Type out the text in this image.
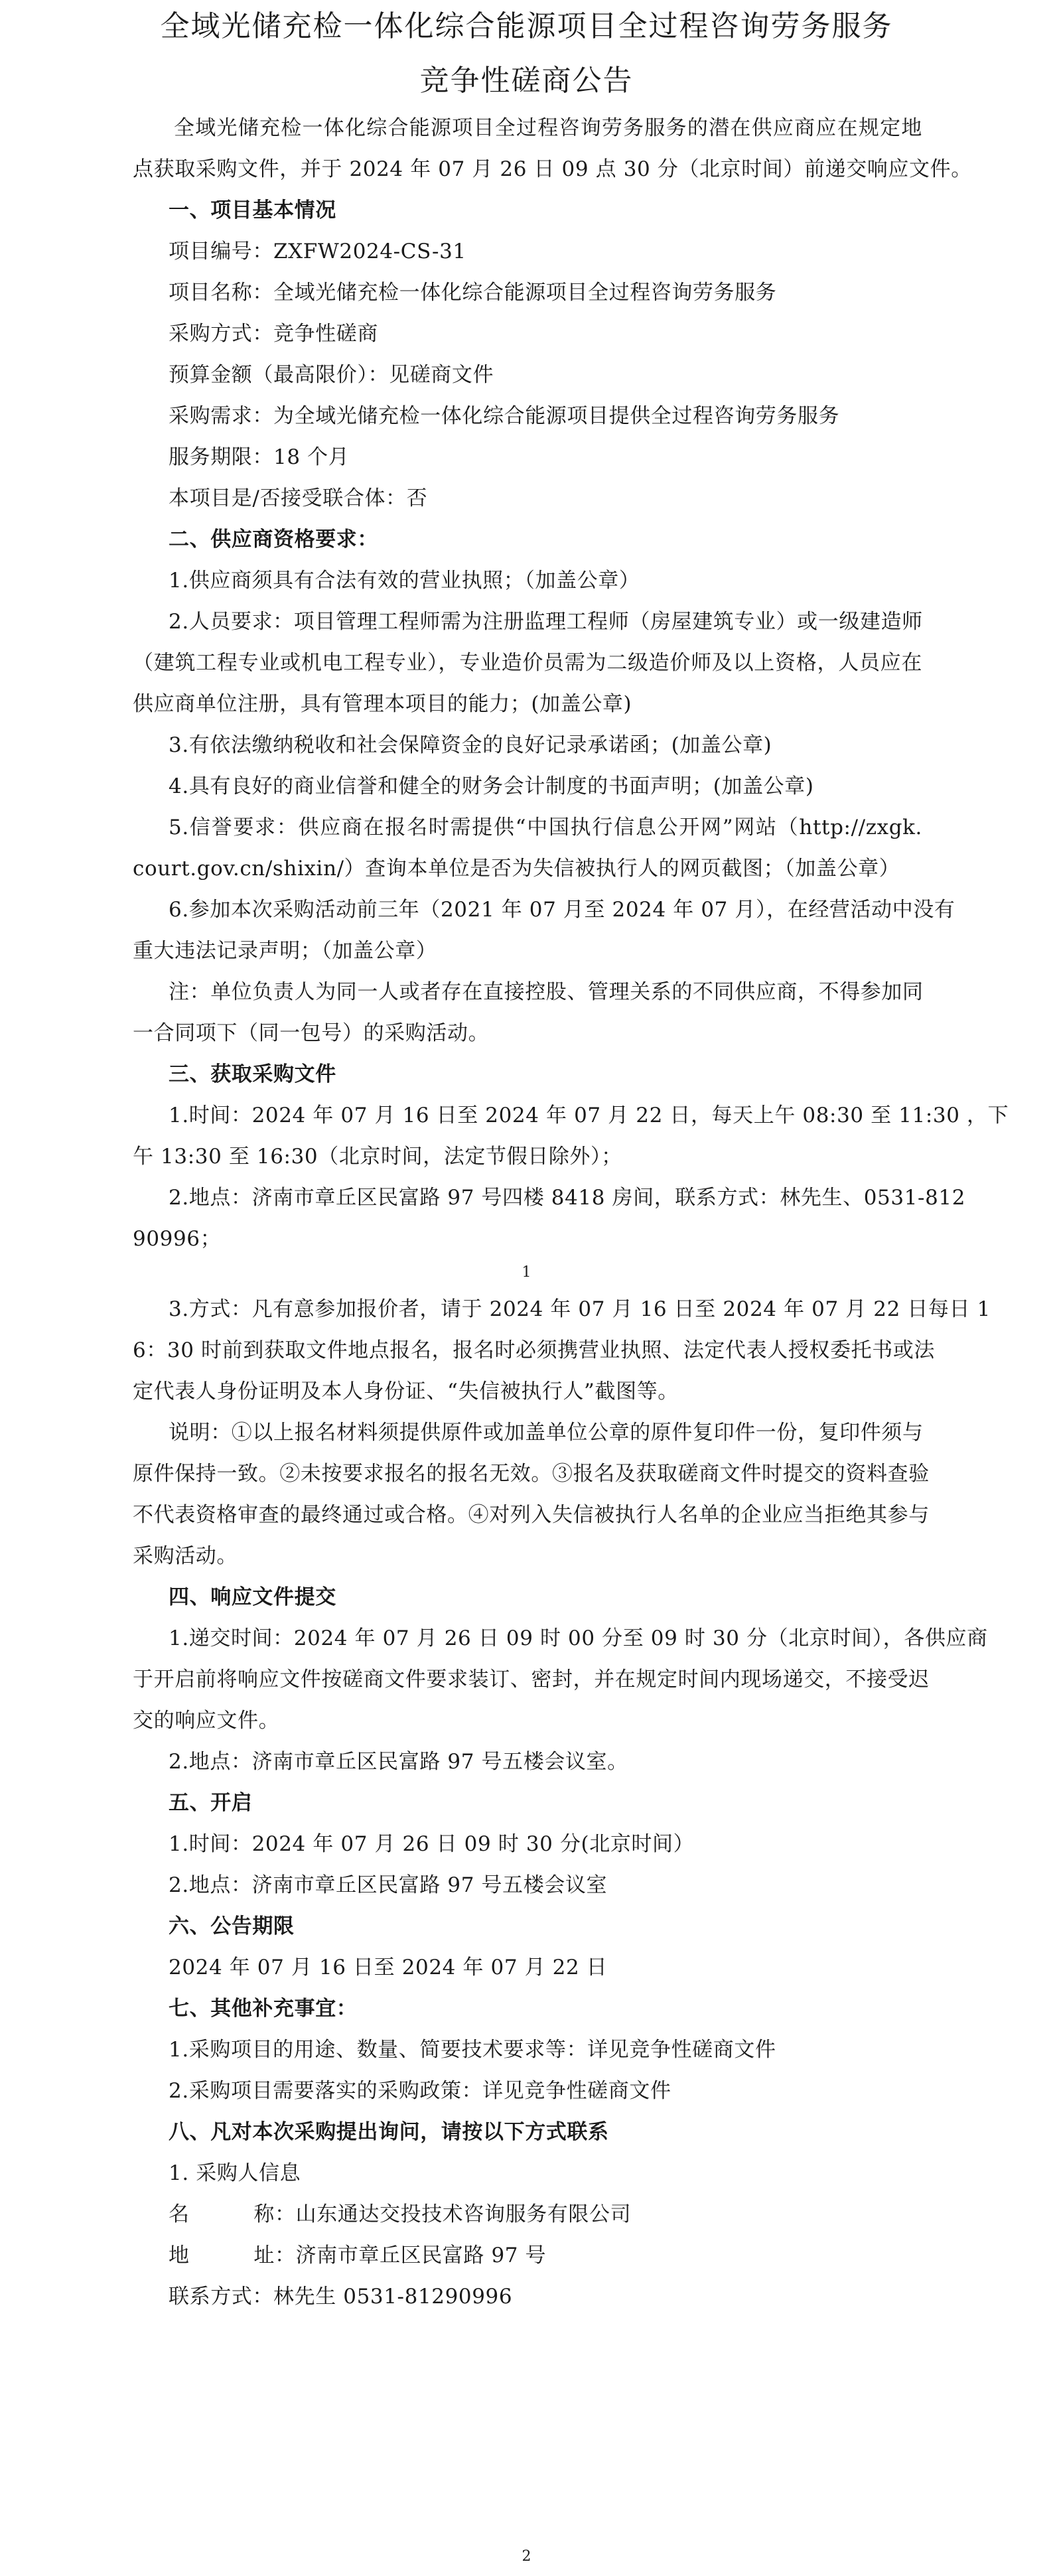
全域光储充检一体化综合能源项目全过程咨询劳务服务
竞争性磋商公告
全域光储充检一体化综合能源项目全过程咨询劳务服务的潜在供应商应在规定地
点获取采购文件，并于 2024 年 07 月 26 日 09 点 30 分（北京时间）前递交响应文件。
一、项目基本情况
项目编号：ZXFW2024-CS-31
项目名称：全域光储充检一体化综合能源项目全过程咨询劳务服务
采购方式：竞争性磋商
预算金额（最高限价）：见磋商文件
采购需求：为全域光储充检一体化综合能源项目提供全过程咨询劳务服务
服务期限：18 个月
本项目是/否接受联合体：否
二、供应商资格要求：
1.供应商须具有合法有效的营业执照；（加盖公章）
2.人员要求：项目管理工程师需为注册监理工程师（房屋建筑专业）或一级建造师
（建筑工程专业或机电工程专业），专业造价员需为二级造价师及以上资格，人员应在
供应商单位注册，具有管理本项目的能力；(加盖公章)
3.有依法缴纳税收和社会保障资金的良好记录承诺函；(加盖公章)
4.具有良好的商业信誉和健全的财务会计制度的书面声明；(加盖公章)
5.信誉要求：供应商在报名时需提供“中国执行信息公开网”网站（http://zxgk.
court.gov.cn/shixin/）查询本单位是否为失信被执行人的网页截图；（加盖公章）
6.参加本次采购活动前三年（2021 年 07 月至 2024 年 07 月），在经营活动中没有
重大违法记录声明；（加盖公章）
注：单位负责人为同一人或者存在直接控股、管理关系的不同供应商，不得参加同
一合同项下（同一包号）的采购活动。
三、获取采购文件
1.时间：2024 年 07 月 16 日至 2024 年 07 月 22 日，每天上午 08:30 至 11:30 ，下
午 13:30 至 16:30（北京时间，法定节假日除外）；
2.地点：济南市章丘区民富路 97 号四楼 8418 房间，联系方式：林先生、0531-812
90996；
1
3.方式：凡有意参加报价者，请于 2024 年 07 月 16 日至 2024 年 07 月 22 日每日 1
6：30 时前到获取文件地点报名，报名时必须携营业执照、法定代表人授权委托书或法
定代表人身份证明及本人身份证、“失信被执行人”截图等。
说明：①以上报名材料须提供原件或加盖单位公章的原件复印件一份，复印件须与
原件保持一致。②未按要求报名的报名无效。③报名及获取磋商文件时提交的资料查验
不代表资格审查的最终通过或合格。④对列入失信被执行人名单的企业应当拒绝其参与
采购活动。
四、响应文件提交
1.递交时间：2024 年 07 月 26 日 09 时 00 分至 09 时 30 分（北京时间），各供应商
于开启前将响应文件按磋商文件要求装订、密封，并在规定时间内现场递交，不接受迟
交的响应文件。
2.地点：济南市章丘区民富路 97 号五楼会议室。
五、开启
1.时间：2024 年 07 月 26 日 09 时 30 分(北京时间）
2.地点：济南市章丘区民富路 97 号五楼会议室
六、公告期限
2024 年 07 月 16 日至 2024 年 07 月 22 日
七、其他补充事宜：
1.采购项目的用途、数量、简要技术要求等：详见竞争性磋商文件
2.采购项目需要落实的采购政策：详见竞争性磋商文件
八、凡对本次采购提出询问，请按以下方式联系
1. 采购人信息
名　　称：山东通达交投技术咨询服务有限公司
地　　址：济南市章丘区民富路 97 号
联系方式：林先生 0531-81290996
2
